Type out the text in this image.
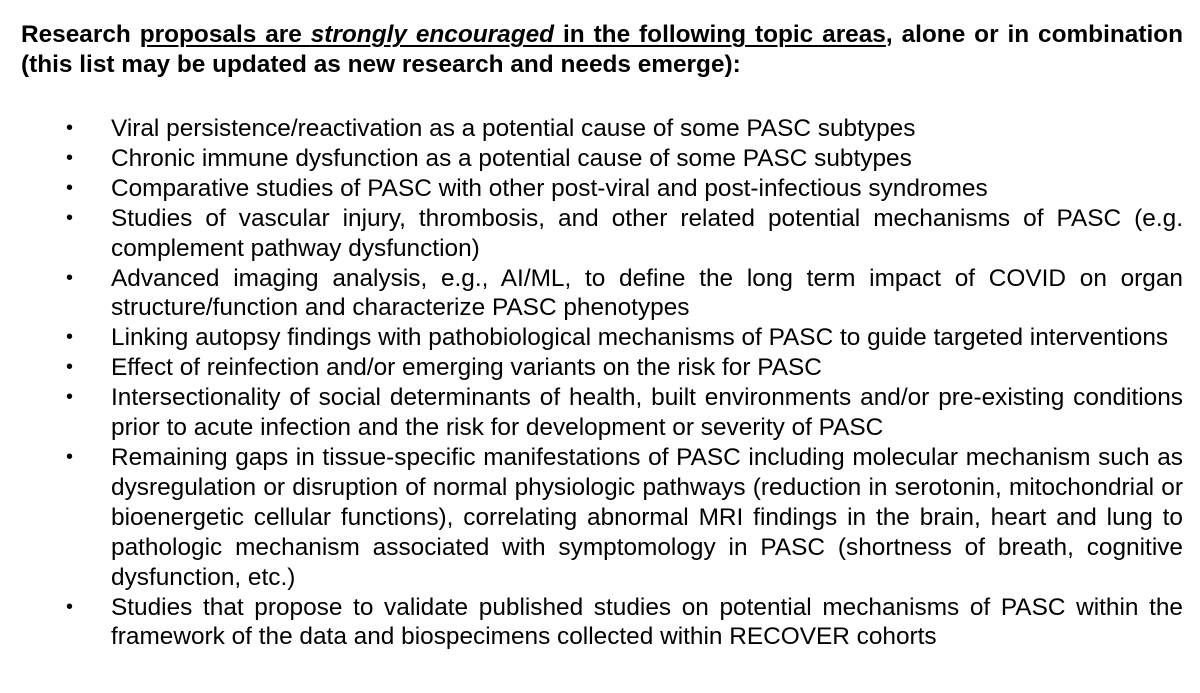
Research proposals are strongly encouraged in the following topic areas, alone or in combination (this list may be updated as new research and needs emerge):

• Viral persistence/reactivation as a potential cause of some PASC subtypes
• Chronic immune dysfunction as a potential cause of some PASC subtypes
• Comparative studies of PASC with other post-viral and post-infectious syndromes
• Studies of vascular injury, thrombosis, and other related potential mechanisms of PASC (e.g. complement pathway dysfunction)
• Advanced imaging analysis, e.g., AI/ML, to define the long term impact of COVID on organ structure/function and characterize PASC phenotypes
• Linking autopsy findings with pathobiological mechanisms of PASC to guide targeted interventions
• Effect of reinfection and/or emerging variants on the risk for PASC
• Intersectionality of social determinants of health, built environments and/or pre-existing conditions prior to acute infection and the risk for development or severity of PASC
• Remaining gaps in tissue-specific manifestations of PASC including molecular mechanism such as dysregulation or disruption of normal physiologic pathways (reduction in serotonin, mitochondrial or bioenergetic cellular functions), correlating abnormal MRI findings in the brain, heart and lung to pathologic mechanism associated with symptomology in PASC (shortness of breath, cognitive dysfunction, etc.)
• Studies that propose to validate published studies on potential mechanisms of PASC within the framework of the data and biospecimens collected within RECOVER cohorts
